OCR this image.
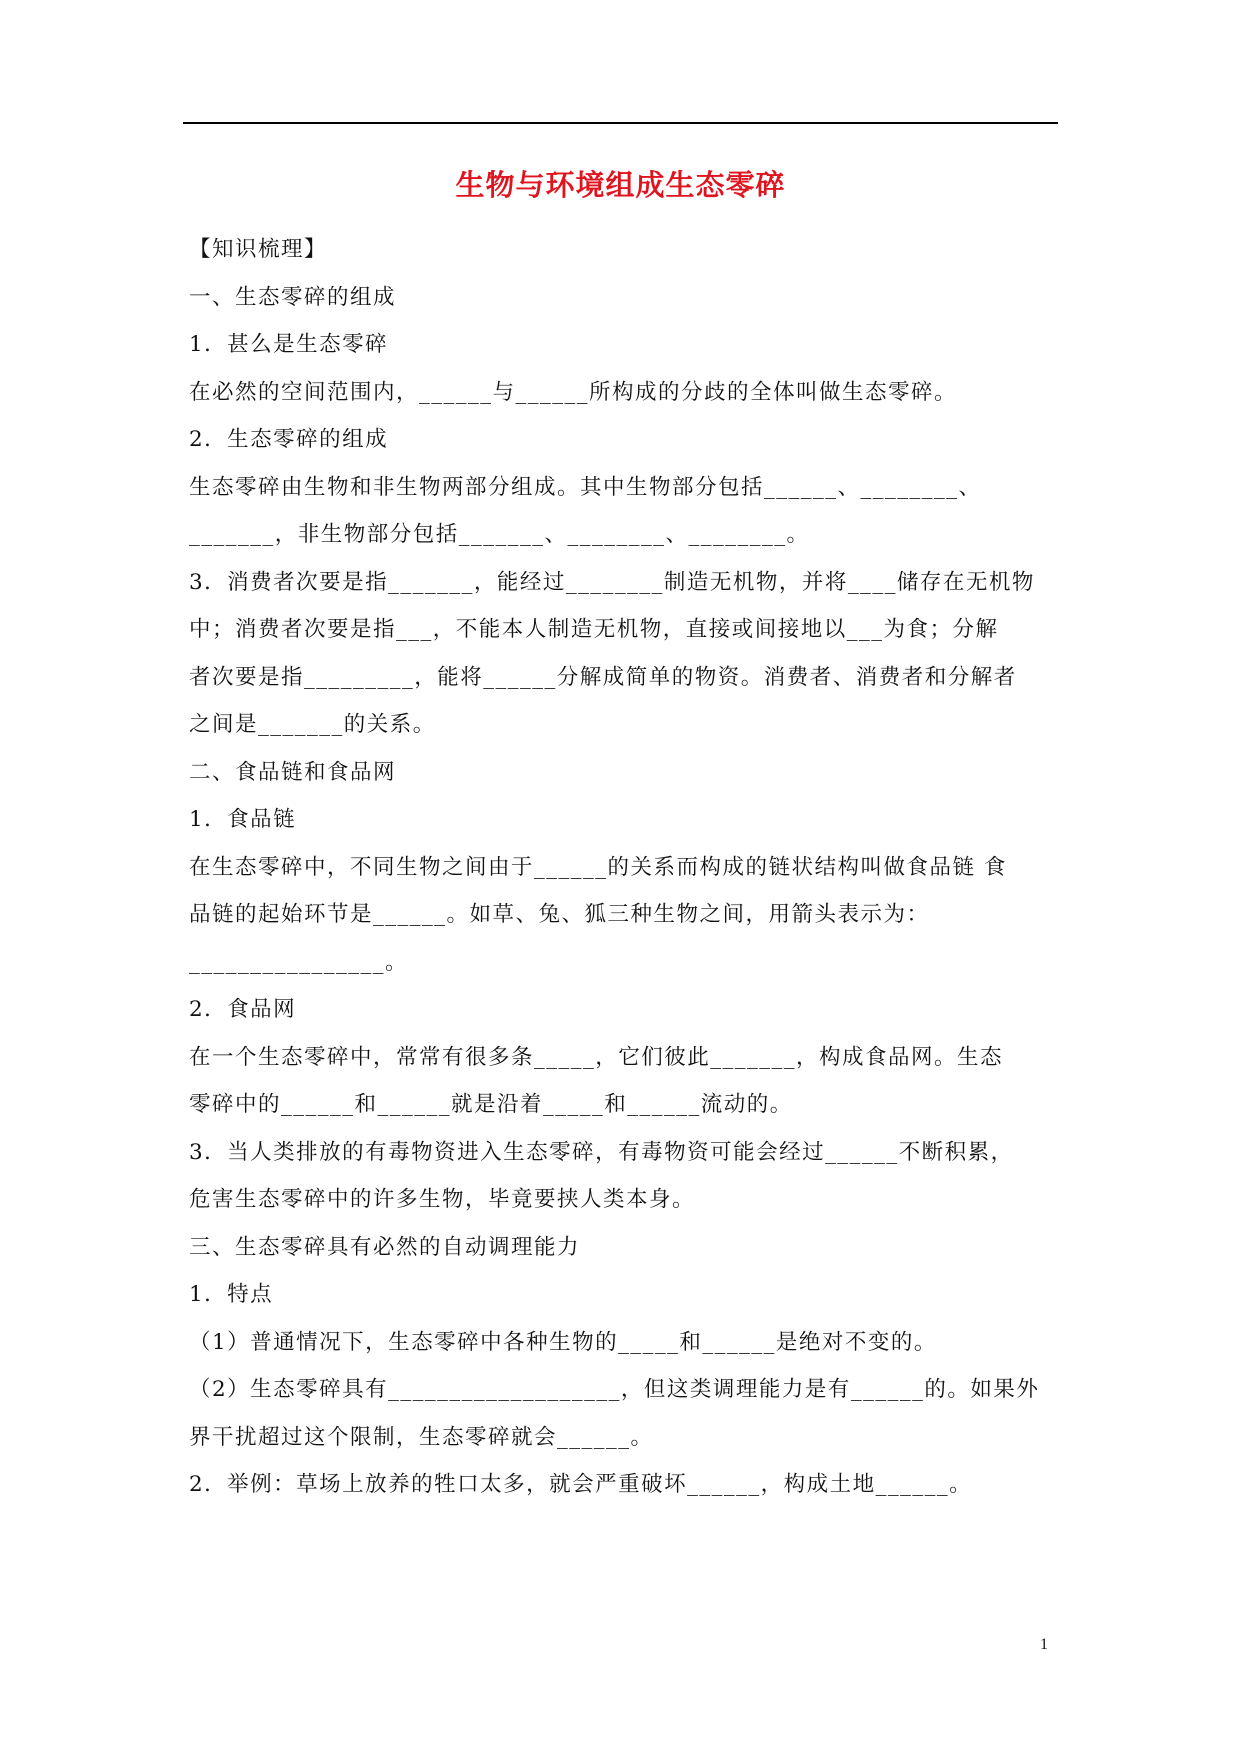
生物与环境组成生态零碎
【知识梳理】
一、生态零碎的组成
1．甚么是生态零碎
在必然的空间范围内，______与______所构成的分歧的全体叫做生态零碎。
2．生态零碎的组成
生态零碎由生物和非生物两部分组成。其中生物部分包括______、________、
_______，非生物部分包括_______、________、________。
3．消费者次要是指_______，能经过________制造无机物，并将____储存在无机物
中；消费者次要是指___，不能本人制造无机物，直接或间接地以___为食；分解
者次要是指_________，能将______分解成简单的物资。消费者、消费者和分解者
之间是_______的关系。
二、食品链和食品网
1．食品链
在生态零碎中，不同生物之间由于______的关系而构成的链状结构叫做食品链 食
品链的起始环节是______。如草、兔、狐三种生物之间，用箭头表示为：
________________。
2．食品网
在一个生态零碎中，常常有很多条_____，它们彼此_______，构成食品网。生态
零碎中的______和______就是沿着_____和______流动的。
3．当人类排放的有毒物资进入生态零碎，有毒物资可能会经过______不断积累，
危害生态零碎中的许多生物，毕竟要挟人类本身。
三、生态零碎具有必然的自动调理能力
1．特点
（1）普通情况下，生态零碎中各种生物的_____和______是绝对不变的。
（2）生态零碎具有___________________，但这类调理能力是有______的。如果外
界干扰超过这个限制，生态零碎就会______。
2．举例：草场上放养的牲口太多，就会严重破坏______，构成土地______。
1
